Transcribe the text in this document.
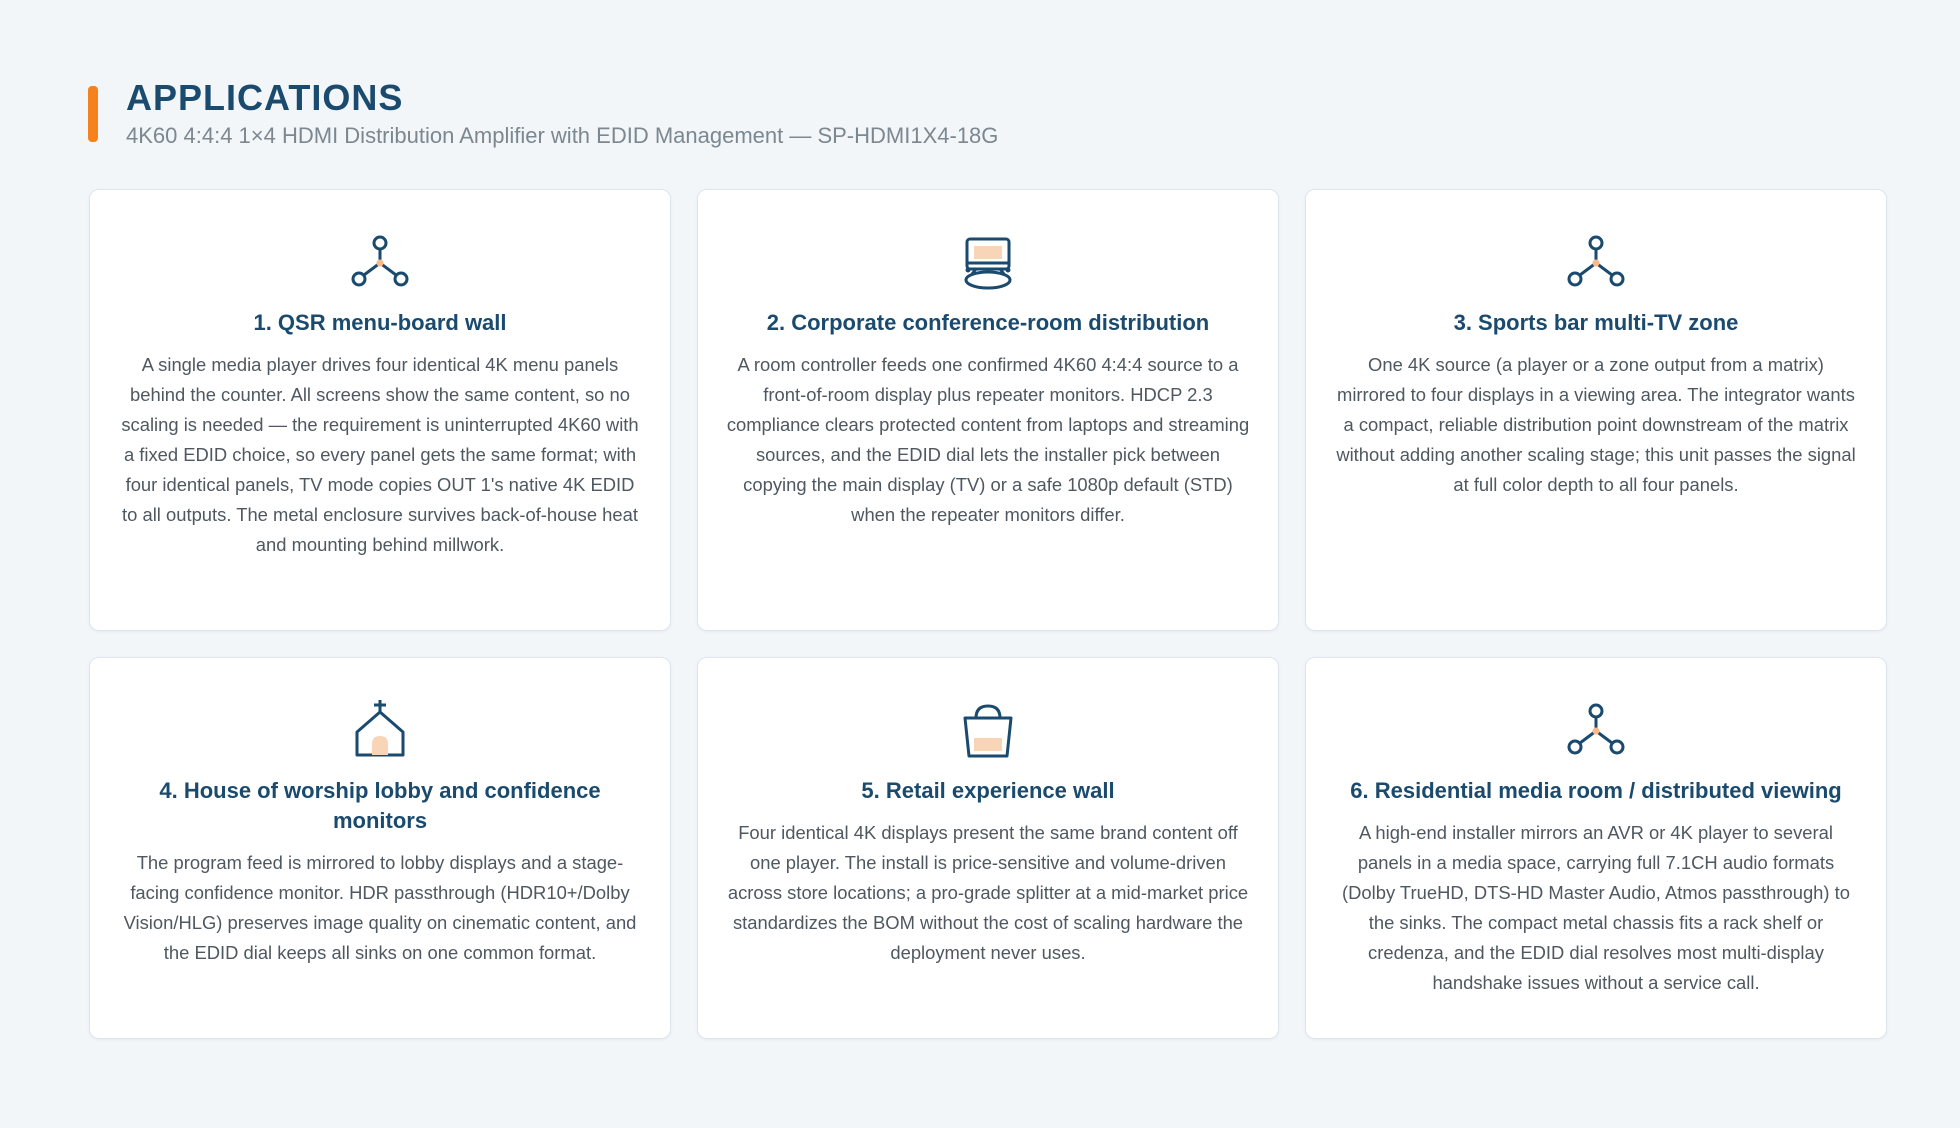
APPLICATIONS

4K60 4:4:4 1×4 HDMI Distribution Amplifier with EDID Management — SP-HDMI1X4-18G

1. QSR menu-board wall

A single media player drives four identical 4K menu panels behind the counter. All screens show the same content, so no scaling is needed — the requirement is uninterrupted 4K60 with a fixed EDID choice, so every panel gets the same format; with four identical panels, TV mode copies OUT 1's native 4K EDID to all outputs. The metal enclosure survives back-of-house heat and mounting behind millwork.

2. Corporate conference-room distribution

A room controller feeds one confirmed 4K60 4:4:4 source to a front-of-room display plus repeater monitors. HDCP 2.3 compliance clears protected content from laptops and streaming sources, and the EDID dial lets the installer pick between copying the main display (TV) or a safe 1080p default (STD) when the repeater monitors differ.

3. Sports bar multi-TV zone

One 4K source (a player or a zone output from a matrix) mirrored to four displays in a viewing area. The integrator wants a compact, reliable distribution point downstream of the matrix without adding another scaling stage; this unit passes the signal at full color depth to all four panels.

4. House of worship lobby and confidence monitors

The program feed is mirrored to lobby displays and a stage-facing confidence monitor. HDR passthrough (HDR10+/Dolby Vision/HLG) preserves image quality on cinematic content, and the EDID dial keeps all sinks on one common format.

5. Retail experience wall

Four identical 4K displays present the same brand content off one player. The install is price-sensitive and volume-driven across store locations; a pro-grade splitter at a mid-market price standardizes the BOM without the cost of scaling hardware the deployment never uses.

6. Residential media room / distributed viewing

A high-end installer mirrors an AVR or 4K player to several panels in a media space, carrying full 7.1CH audio formats (Dolby TrueHD, DTS-HD Master Audio, Atmos passthrough) to the sinks. The compact metal chassis fits a rack shelf or credenza, and the EDID dial resolves most multi-display handshake issues without a service call.
